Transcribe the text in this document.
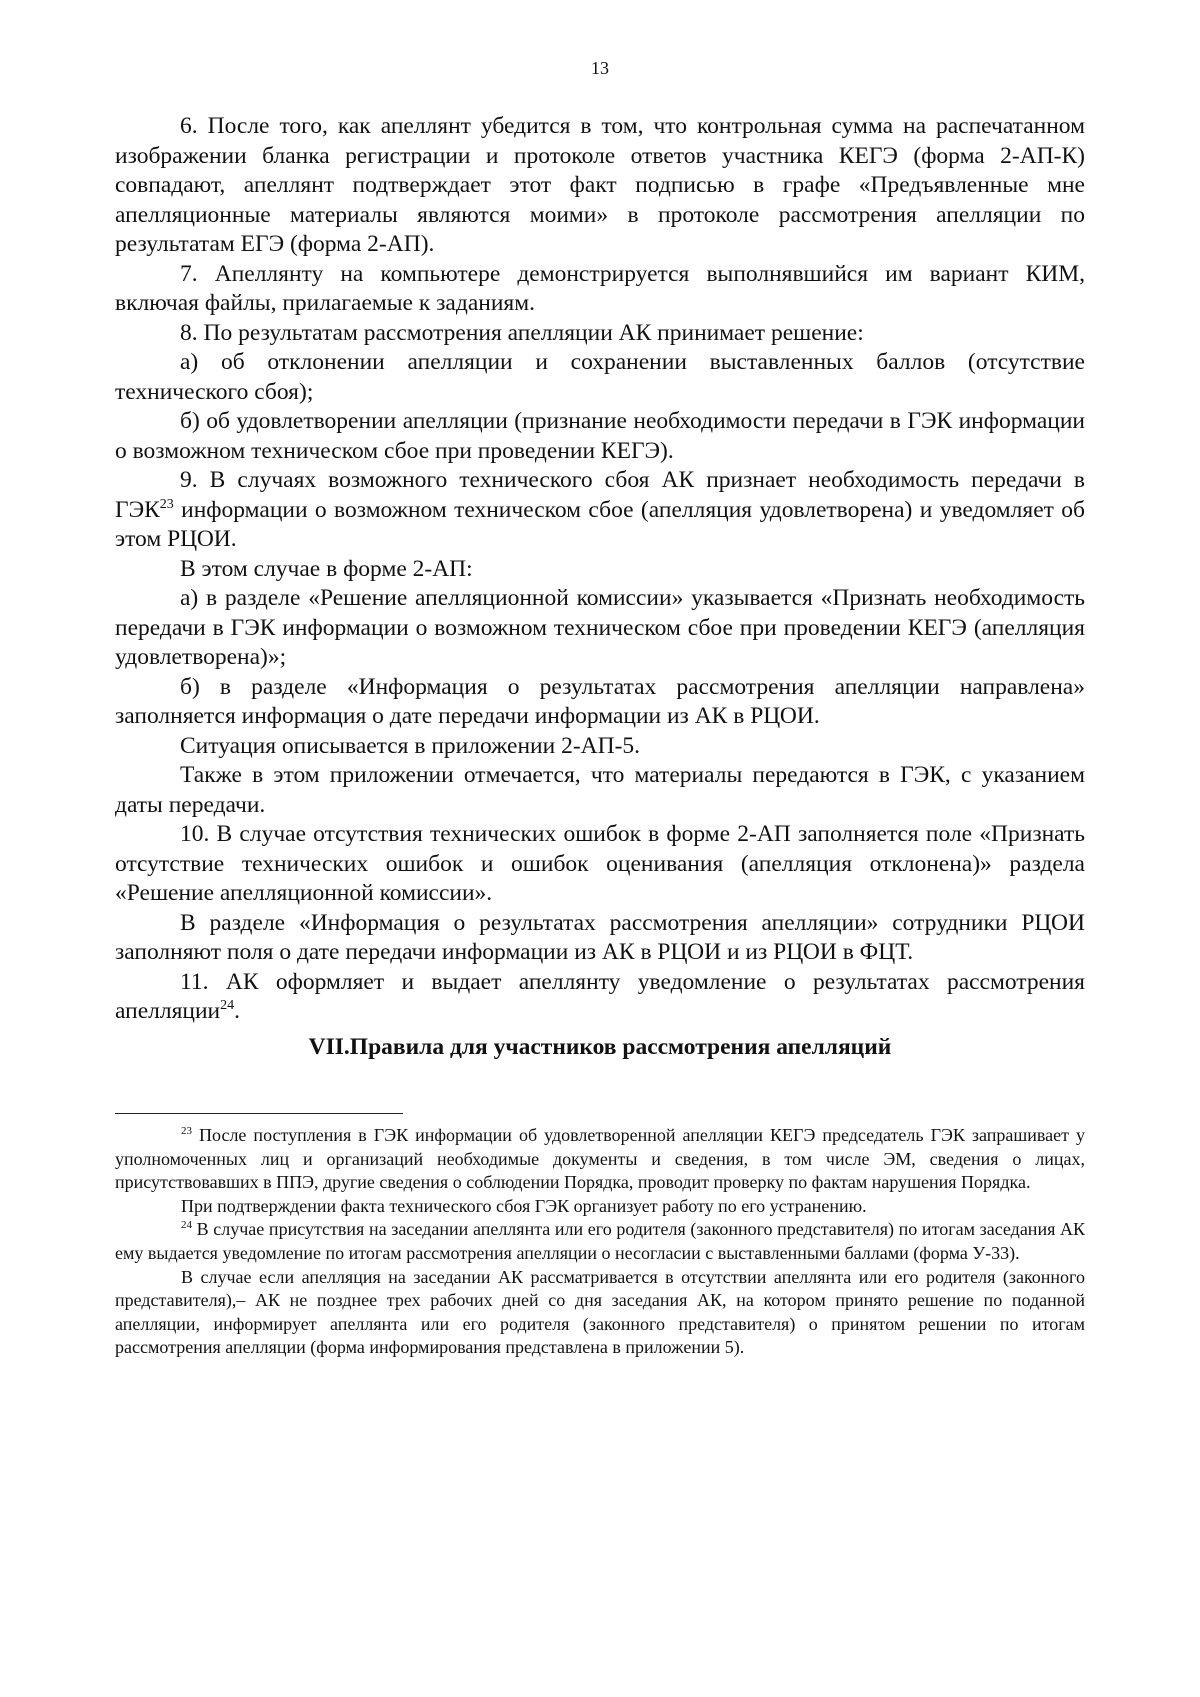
13

6. После того, как апеллянт убедится в том, что контрольная сумма на распечатанном изображении бланка регистрации и протоколе ответов участника КЕГЭ (форма 2-АП-К) совпадают, апеллянт подтверждает этот факт подписью в графе «Предъявленные мне апелляционные материалы являются моими» в протоколе рассмотрения апелляции по результатам ЕГЭ (форма 2-АП).

7. Апеллянту на компьютере демонстрируется выполнявшийся им вариант КИМ, включая файлы, прилагаемые к заданиям.

8. По результатам рассмотрения апелляции АК принимает решение:

а) об отклонении апелляции и сохранении выставленных баллов (отсутствие технического сбоя);

б) об удовлетворении апелляции (признание необходимости передачи в ГЭК информации о возможном техническом сбое при проведении КЕГЭ).

9. В случаях возможного технического сбоя АК признает необходимость передачи в ГЭК$^{23}$ информации о возможном техническом сбое (апелляция удовлетворена) и уведомляет об этом РЦОИ.

В этом случае в форме 2-АП:

а) в разделе «Решение апелляционной комиссии» указывается «Признать необходимость передачи в ГЭК информации о возможном техническом сбое при проведении КЕГЭ (апелляция удовлетворена)»;

б) в разделе «Информация о результатах рассмотрения апелляции направлена» заполняется информация о дате передачи информации из АК в РЦОИ.

Ситуация описывается в приложении 2-АП-5.

Также в этом приложении отмечается, что материалы передаются в ГЭК, с указанием даты передачи.

10. В случае отсутствия технических ошибок в форме 2-АП заполняется поле «Признать отсутствие технических ошибок и ошибок оценивания (апелляция отклонена)» раздела «Решение апелляционной комиссии».

В разделе «Информация о результатах рассмотрения апелляции» сотрудники РЦОИ заполняют поля о дате передачи информации из АК в РЦОИ и из РЦОИ в ФЦТ.

11. АК оформляет и выдает апеллянту уведомление о результатах рассмотрения апелляции$^{24}$.

VII.Правила для участников рассмотрения апелляций

$^{23}$ После поступления в ГЭК информации об удовлетворенной апелляции КЕГЭ председатель ГЭК запрашивает у уполномоченных лиц и организаций необходимые документы и сведения, в том числе ЭМ, сведения о лицах, присутствовавших в ППЭ, другие сведения о соблюдении Порядка, проводит проверку по фактам нарушения Порядка.

При подтверждении факта технического сбоя ГЭК организует работу по его устранению.

$^{24}$ В случае присутствия на заседании апеллянта или его родителя (законного представителя) по итогам заседания АК ему выдается уведомление по итогам рассмотрения апелляции о несогласии с выставленными баллами (форма У-33).

В случае если апелляция на заседании АК рассматривается в отсутствии апеллянта или его родителя (законного представителя),– АК не позднее трех рабочих дней со дня заседания АК, на котором принято решение по поданной апелляции, информирует апеллянта или его родителя (законного представителя) о принятом решении по итогам рассмотрения апелляции (форма информирования представлена в приложении 5).
